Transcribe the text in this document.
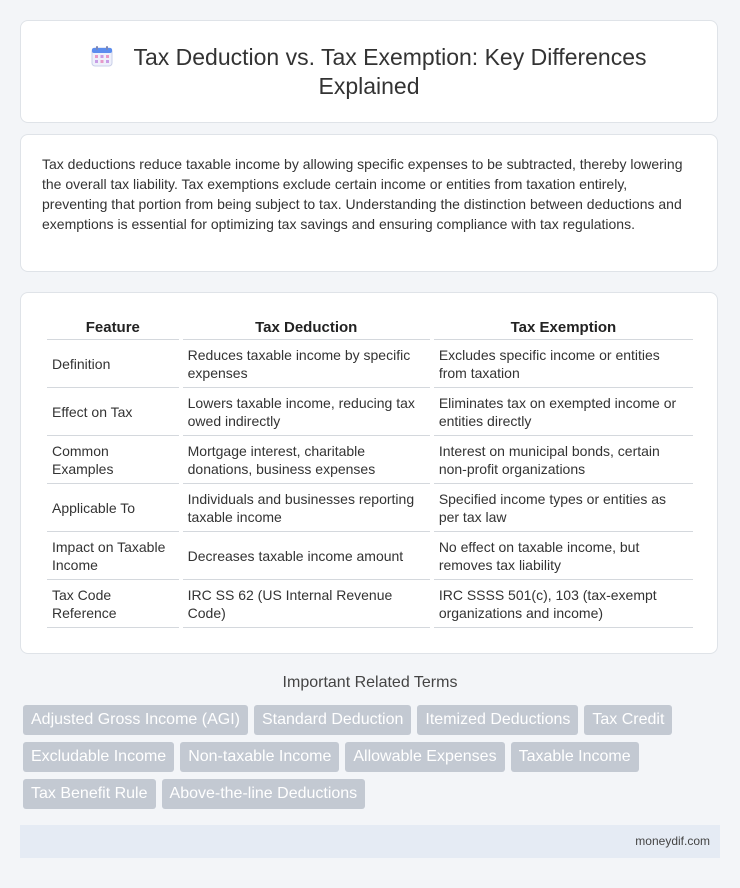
Tax Deduction vs. Tax Exemption: Key Differences Explained

Tax deductions reduce taxable income by allowing specific expenses to be subtracted, thereby lowering the overall tax liability. Tax exemptions exclude certain income or entities from taxation entirely, preventing that portion from being subject to tax. Understanding the distinction between deductions and exemptions is essential for optimizing tax savings and ensuring compliance with tax regulations.

Feature	Tax Deduction	Tax Exemption
Definition	Reduces taxable income by specific expenses	Excludes specific income or entities from taxation
Effect on Tax	Lowers taxable income, reducing tax owed indirectly	Eliminates tax on exempted income or entities directly
Common Examples	Mortgage interest, charitable donations, business expenses	Interest on municipal bonds, certain non-profit organizations
Applicable To	Individuals and businesses reporting taxable income	Specified income types or entities as per tax law
Impact on Taxable Income	Decreases taxable income amount	No effect on taxable income, but removes tax liability
Tax Code Reference	IRC SS 62 (US Internal Revenue Code)	IRC SSSS 501(c), 103 (tax-exempt organizations and income)
Important Related Terms
Adjusted Gross Income (AGI)	Standard Deduction	Itemized Deductions	Tax Credit
Excludable Income	Non-taxable Income	Allowable Expenses	Taxable Income
Tax Benefit Rule	Above-the-line Deductions
moneydif.com
